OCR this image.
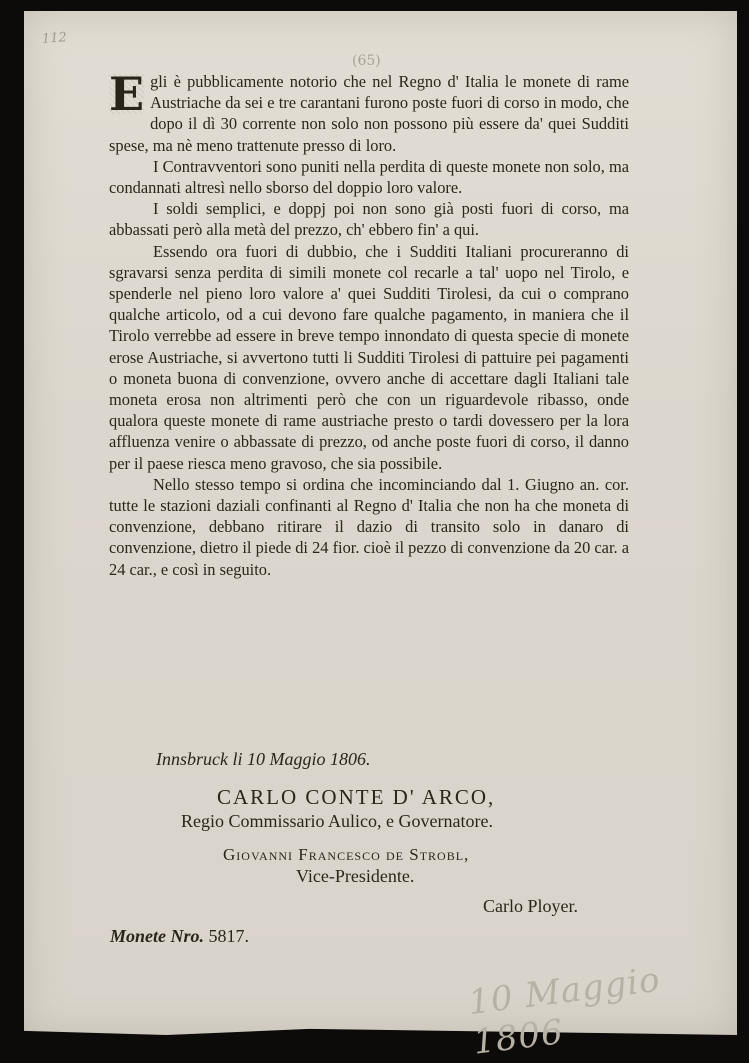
112
(65)

E gli è pubblicamente notorio che nel Regno d' Italia le monete di rame Austriache da sei e tre carantani furono poste fuori di corso in modo, che dopo il dì 30 corrente non solo non possono più essere da' quei Sudditi spese, ma nè meno trattenute presso di loro.

I Contravventori sono puniti nella perdita di queste monete non solo, ma condannati altresì nello sborso del doppio loro valore.

I soldi semplici, e doppj poi non sono già posti fuori di corso, ma abbassati però alla metà del prezzo, ch' ebbero fin' a qui.

Essendo ora fuori di dubbio, che i Sudditi Italiani procureranno di sgravarsi senza perdita di simili monete col recarle a tal' uopo nel Tirolo, e spenderle nel pieno loro valore a' quei Sudditi Tirolesi, da cui o comprano qualche articolo, od a cui devono fare qualche pagamento, in maniera che il Tirolo verrebbe ad essere in breve tempo innondato di questa specie di monete erose Austriache, si avvertono tutti li Sudditi Tirolesi di pattuire pei pagamenti o moneta buona di convenzione, ovvero anche di accettare dagli Italiani tale moneta erosa non altrimenti però che con un riguardevole ribasso, onde qualora queste monete di rame austriache presto o tardi dovessero per la lora affluenza venire o abbassate di prezzo, od anche poste fuori di corso, il danno per il paese riesca meno gravoso, che sia possibile.

Nello stesso tempo si ordina che incominciando dal 1. Giugno an. cor. tutte le stazioni daziali confinanti al Regno d' Italia che non ha che moneta di convenzione, debbano ritirare il dazio di transito solo in danaro di convenzione, dietro il piede di 24 fior. cioè il pezzo di convenzione da 20 car. a 24 car., e così in seguito.

Innsbruck li 10 Maggio 1806.
CARLO CONTE D' ARCO,
Regio Commissario Aulico, e Governatore.
Giovanni Francesco de Strobl,
Vice-Presidente.
Carlo Ployer.
Monete Nro. 5817.
10 Maggio 1806
